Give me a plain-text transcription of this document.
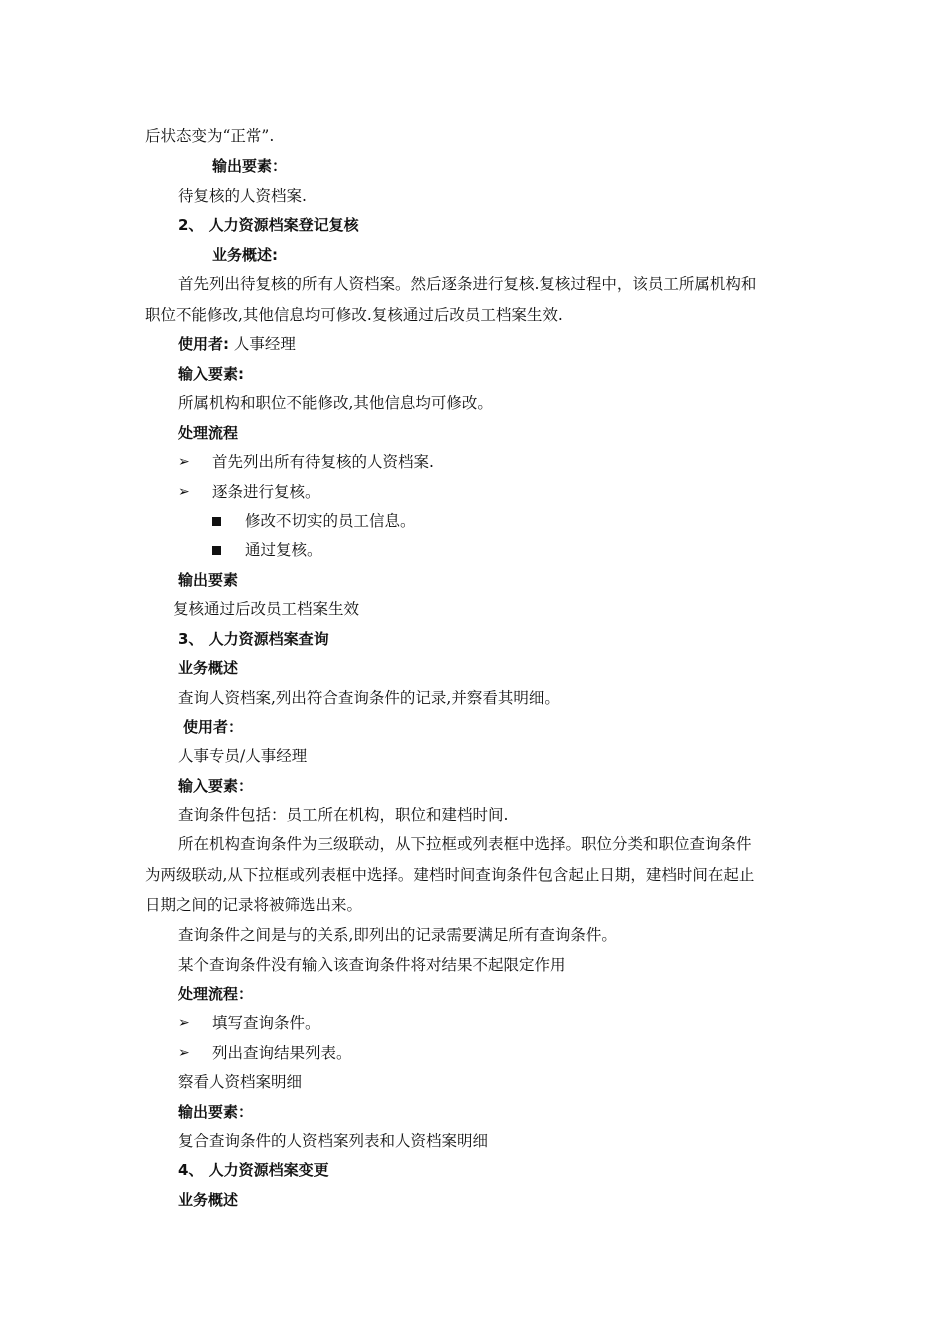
后状态变为“正常”.
输出要素：
待复核的人资档案.
2、 人力资源档案登记复核
业务概述:
首先列出待复核的所有人资档案。然后逐条进行复核.复核过程中，该员工所属机构和
职位不能修改,其他信息均可修改.复核通过后改员工档案生效.
使用者: 人事经理
输入要素:
所属机构和职位不能修改,其他信息均可修改。
处理流程
➢ 首先列出所有待复核的人资档案.
➢ 逐条进行复核。
修改不切实的员工信息。
通过复核。
输出要素
复核通过后改员工档案生效
3、 人力资源档案查询
业务概述
查询人资档案,列出符合查询条件的记录,并察看其明细。
使用者：
人事专员/人事经理
输入要素：
查询条件包括：员工所在机构，职位和建档时间.
所在机构查询条件为三级联动，从下拉框或列表框中选择。职位分类和职位查询条件
为两级联动,从下拉框或列表框中选择。建档时间查询条件包含起止日期，建档时间在起止
日期之间的记录将被筛选出来。
查询条件之间是与的关系,即列出的记录需要满足所有查询条件。
某个查询条件没有输入该查询条件将对结果不起限定作用
处理流程：
➢ 填写查询条件。
➢ 列出查询结果列表。
察看人资档案明细
输出要素：
复合查询条件的人资档案列表和人资档案明细
4、 人力资源档案变更
业务概述
